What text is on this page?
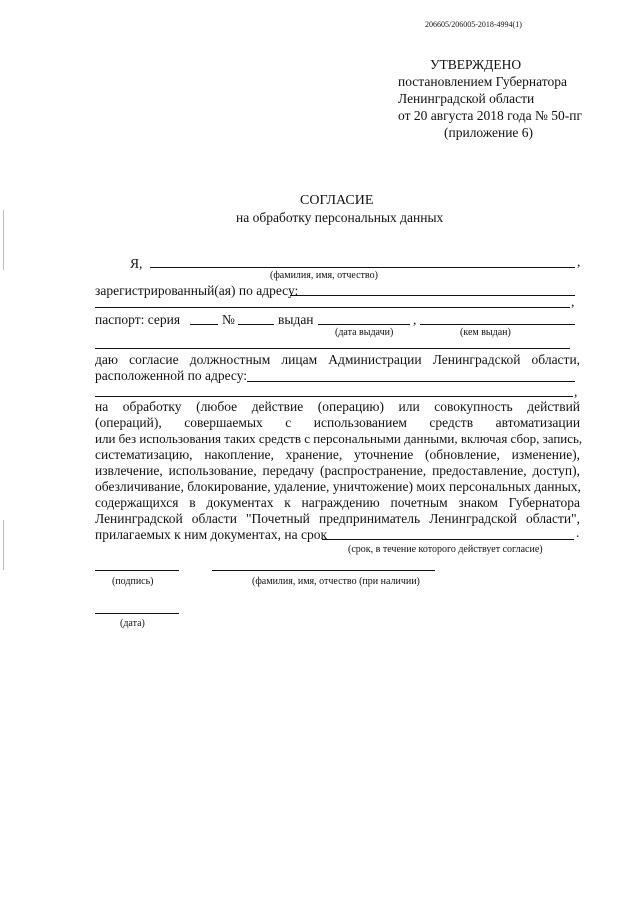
206605/206005-2018-4994(1)
УТВЕРЖДЕНО
постановлением Губернатора
Ленинградской области
от 20 августа 2018 года № 50-пг
(приложение 6)
СОГЛАСИЕ
на обработку персональных данных
Я,	,
(фамилия, имя, отчество)
зарегистрированный(ая) по адресу:
,
паспорт: серия	№	выдан	,
(дата выдачи)	(кем выдан)
даю согласие должностным лицам Администрации Ленинградской области,
расположенной по адресу:
,
на обработку (любое действие (операцию) или совокупность действий
(операций), совершаемых с использованием средств автоматизации
или без использования таких средств с персональными данными, включая сбор, запись,
систематизацию, накопление, хранение, уточнение (обновление, изменение),
извлечение, использование, передачу (распространение, предоставление, доступ),
обезличивание, блокирование, удаление, уничтожение) моих персональных данных,
содержащихся в документах к награждению почетным знаком Губернатора
Ленинградской области "Почетный предприниматель Ленинградской области",
прилагаемых к ним документах, на срок	.
(срок, в течение которого действует согласие)
(подпись)	(фамилия, имя, отчество (при наличии)
(дата)
